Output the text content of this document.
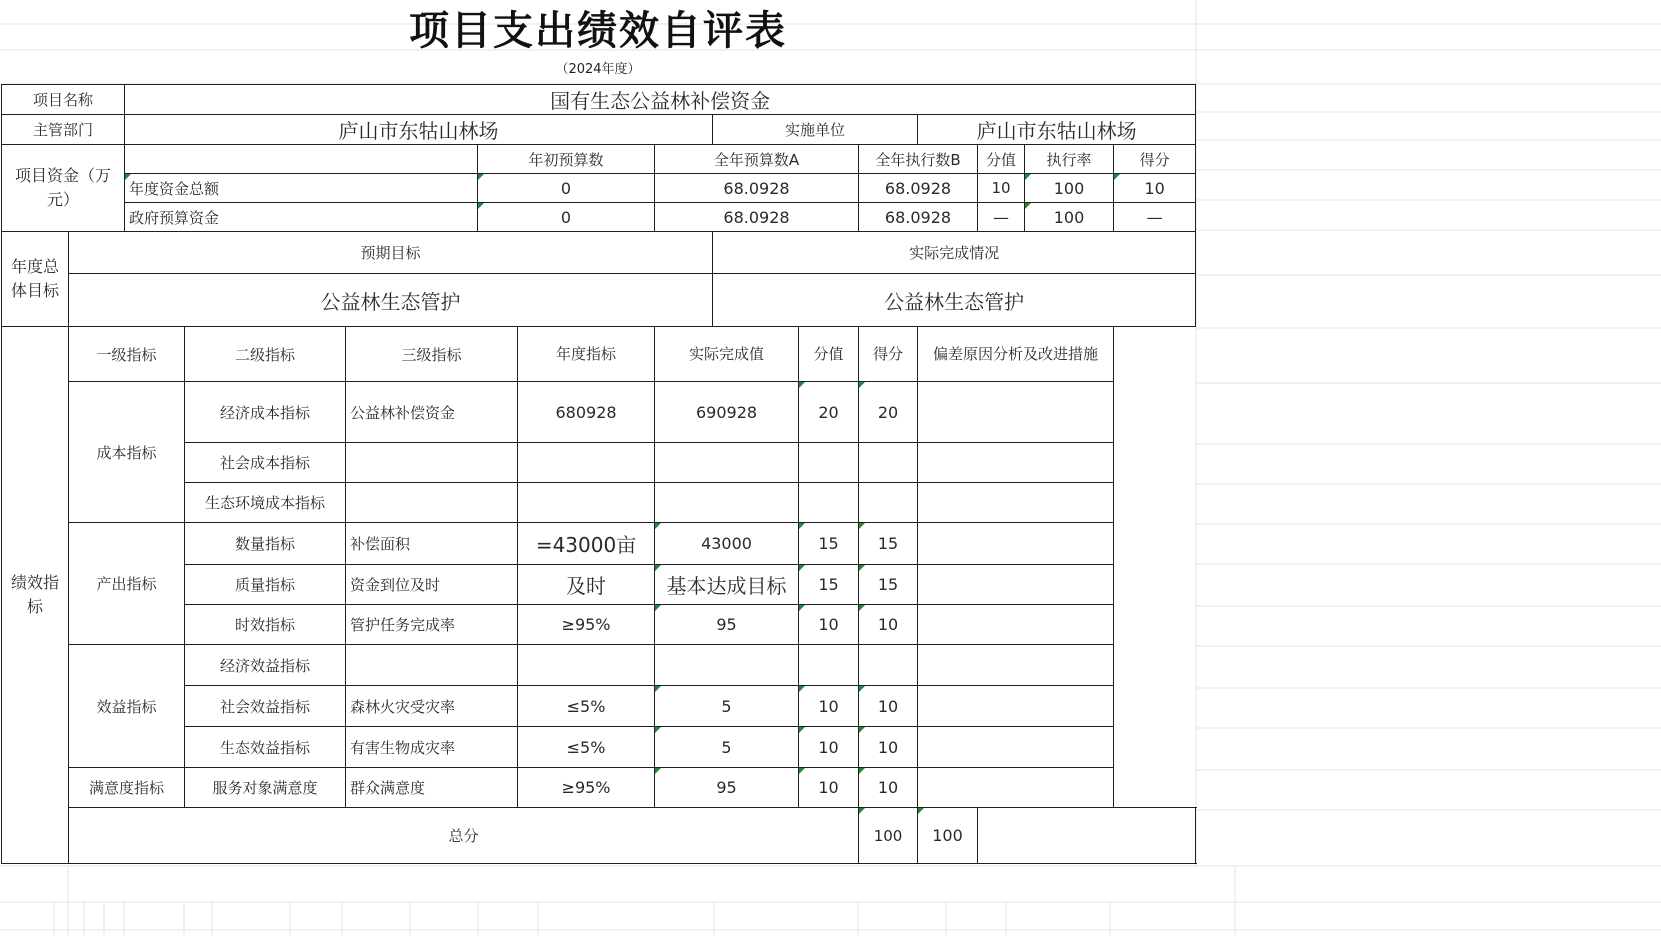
项目支出绩效自评表
（2024年度）
项目名称		国有生态公益林补偿资金												
主管部门		庐山市东牯山林场						实施单位			庐山市东牯山林场			
项目资金（万元）					年初预算数		全年预算数A			全年执行数B		分值	执行率	得分
		年度资金总额			0		68.0928			68.0928		10	100	10
		政府预算资金			0		68.0928			68.0928		—	100	—
年度总体目标	预期目标							实际完成情况						
	公益林生态管护							公益林生态管护						
绩效指标	一级指标		二级指标	三级指标		年度指标	实际完成值		分值	得分	偏差原因分析及改进措施			
	成本指标		经济成本指标	公益林补偿资金		680928	690928		20	20				
			社会成本指标											
			生态环境成本指标											
	产出指标		数量指标	补偿面积		=43000亩	43000		15	15				
			质量指标	资金到位及时		及时	基本达成目标		15	15				
			时效指标	管护任务完成率		≥95%	95		10	10				
	效益指标		经济效益指标											
			社会效益指标	森林火灾受灾率		≤5%	5		10	10				
			生态效益指标	有害生物成灾率		≤5%	5		10	10				
	满意度指标		服务对象满意度	群众满意度		≥95%	95		10	10				
	总分									100	100			
